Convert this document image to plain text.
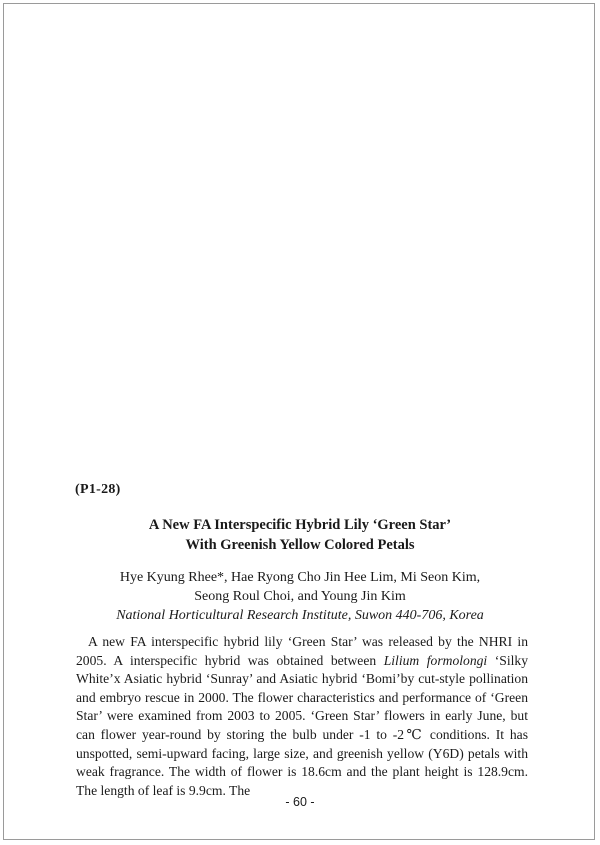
(P1-28)

A New FA Interspecific Hybrid Lily ‘Green Star’
With Greenish Yellow Colored Petals

Hye Kyung Rhee*, Hae Ryong Cho Jin Hee Lim, Mi Seon Kim,

Seong Roul Choi, and Young Jin Kim

National Horticultural Research Institute, Suwon 440-706, Korea

A new FA interspecific hybrid lily ‘Green Star’ was released by the NHRI in 2005. A interspecific hybrid was obtained between Lilium formolongi ‘Silky White’x Asiatic hybrid ‘Sunray’ and Asiatic hybrid ‘Bomi’by cut-style pollination and embryo rescue in 2000. The flower characteristics and performance of ‘Green Star’ were examined from 2003 to 2005. ‘Green Star’ flowers in early June, but can flower year-round by storing the bulb under -1 to -2℃ conditions. It has unspotted, semi-upward facing, large size, and greenish yellow (Y6D) petals with weak fragrance. The width of flower is 18.6cm and the plant height is 128.9cm. The length of leaf is 9.9cm. The

- 60 -
